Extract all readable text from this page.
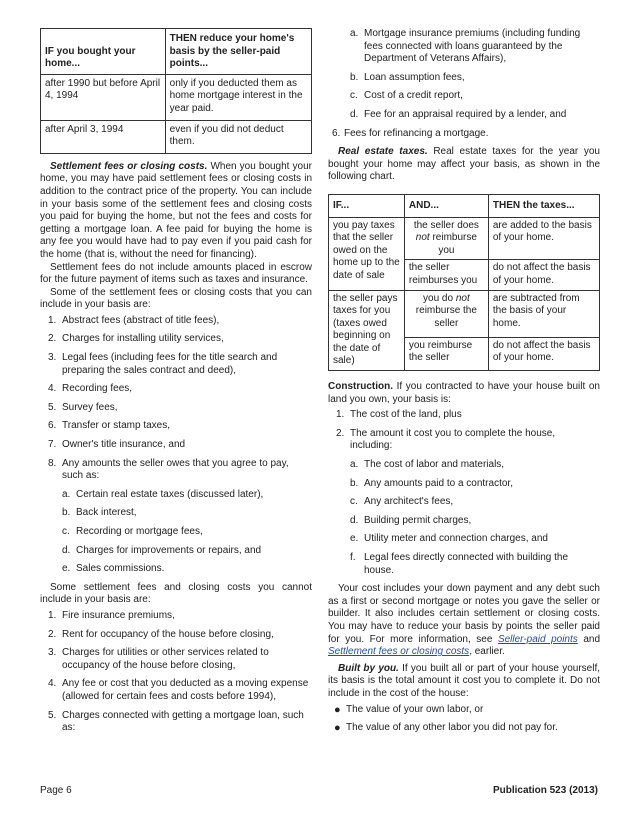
IF you bought your home...	THEN reduce your home's basis by the seller-paid points...
after 1990 but before April 4, 1994	only if you deducted them as home mortgage interest in the year paid.
after April 3, 1994	even if you did not deduct them.

Settlement fees or closing costs. When you bought your home, you may have paid settlement fees or closing costs in addition to the contract price of the property. You can include in your basis some of the settlement fees and closing costs you paid for buying the home, but not the fees and costs for getting a mortgage loan. A fee paid for buying the home is any fee you would have had to pay even if you paid cash for the home (that is, without the need for financing).

Settlement fees do not include amounts placed in escrow for the future payment of items such as taxes and insurance.

Some of the settlement fees or closing costs that you can include in your basis are:

1. Abstract fees (abstract of title fees),
2. Charges for installing utility services,
3. Legal fees (including fees for the title search and preparing the sales contract and deed),
4. Recording fees,
5. Survey fees,
6. Transfer or stamp taxes,
7. Owner's title insurance, and
8. Any amounts the seller owes that you agree to pay, such as:
a. Certain real estate taxes (discussed later),
b. Back interest,
c. Recording or mortgage fees,
d. Charges for improvements or repairs, and
e. Sales commissions.

Some settlement fees and closing costs you cannot include in your basis are:

1. Fire insurance premiums,
2. Rent for occupancy of the house before closing,
3. Charges for utilities or other services related to occupancy of the house before closing,
4. Any fee or cost that you deducted as a moving expense (allowed for certain fees and costs before 1994),
5. Charges connected with getting a mortgage loan, such as:
a. Mortgage insurance premiums (including funding fees connected with loans guaranteed by the Department of Veterans Affairs),
b. Loan assumption fees,
c. Cost of a credit report,
d. Fee for an appraisal required by a lender, and
6. Fees for refinancing a mortgage.

Real estate taxes. Real estate taxes for the year you bought your home may affect your basis, as shown in the following chart.

IF...	AND...	THEN the taxes...
you pay taxes that the seller owed on the home up to the date of sale	the seller does not reimburse you	are added to the basis of your home.
	the seller reimburses you	do not affect the basis of your home.
the seller pays taxes for you (taxes owed beginning on the date of sale)	you do not reimburse the seller	are subtracted from the basis of your home.
	you reimburse the seller	do not affect the basis of your home.

Construction. If you contracted to have your house built on land you own, your basis is:

1. The cost of the land, plus
2. The amount it cost you to complete the house, including:
a. The cost of labor and materials,
b. Any amounts paid to a contractor,
c. Any architect's fees,
d. Building permit charges,
e. Utility meter and connection charges, and
f. Legal fees directly connected with building the house.

Your cost includes your down payment and any debt such as a first or second mortgage or notes you gave the seller or builder. It also includes certain settlement or closing costs. You may have to reduce your basis by points the seller paid for you. For more information, see Seller-paid points and Settlement fees or closing costs, earlier.

Built by you. If you built all or part of your house yourself, its basis is the total amount it cost you to complete it. Do not include in the cost of the house:

● The value of your own labor, or
● The value of any other labor you did not pay for.
Page 6	Publication 523 (2013)
